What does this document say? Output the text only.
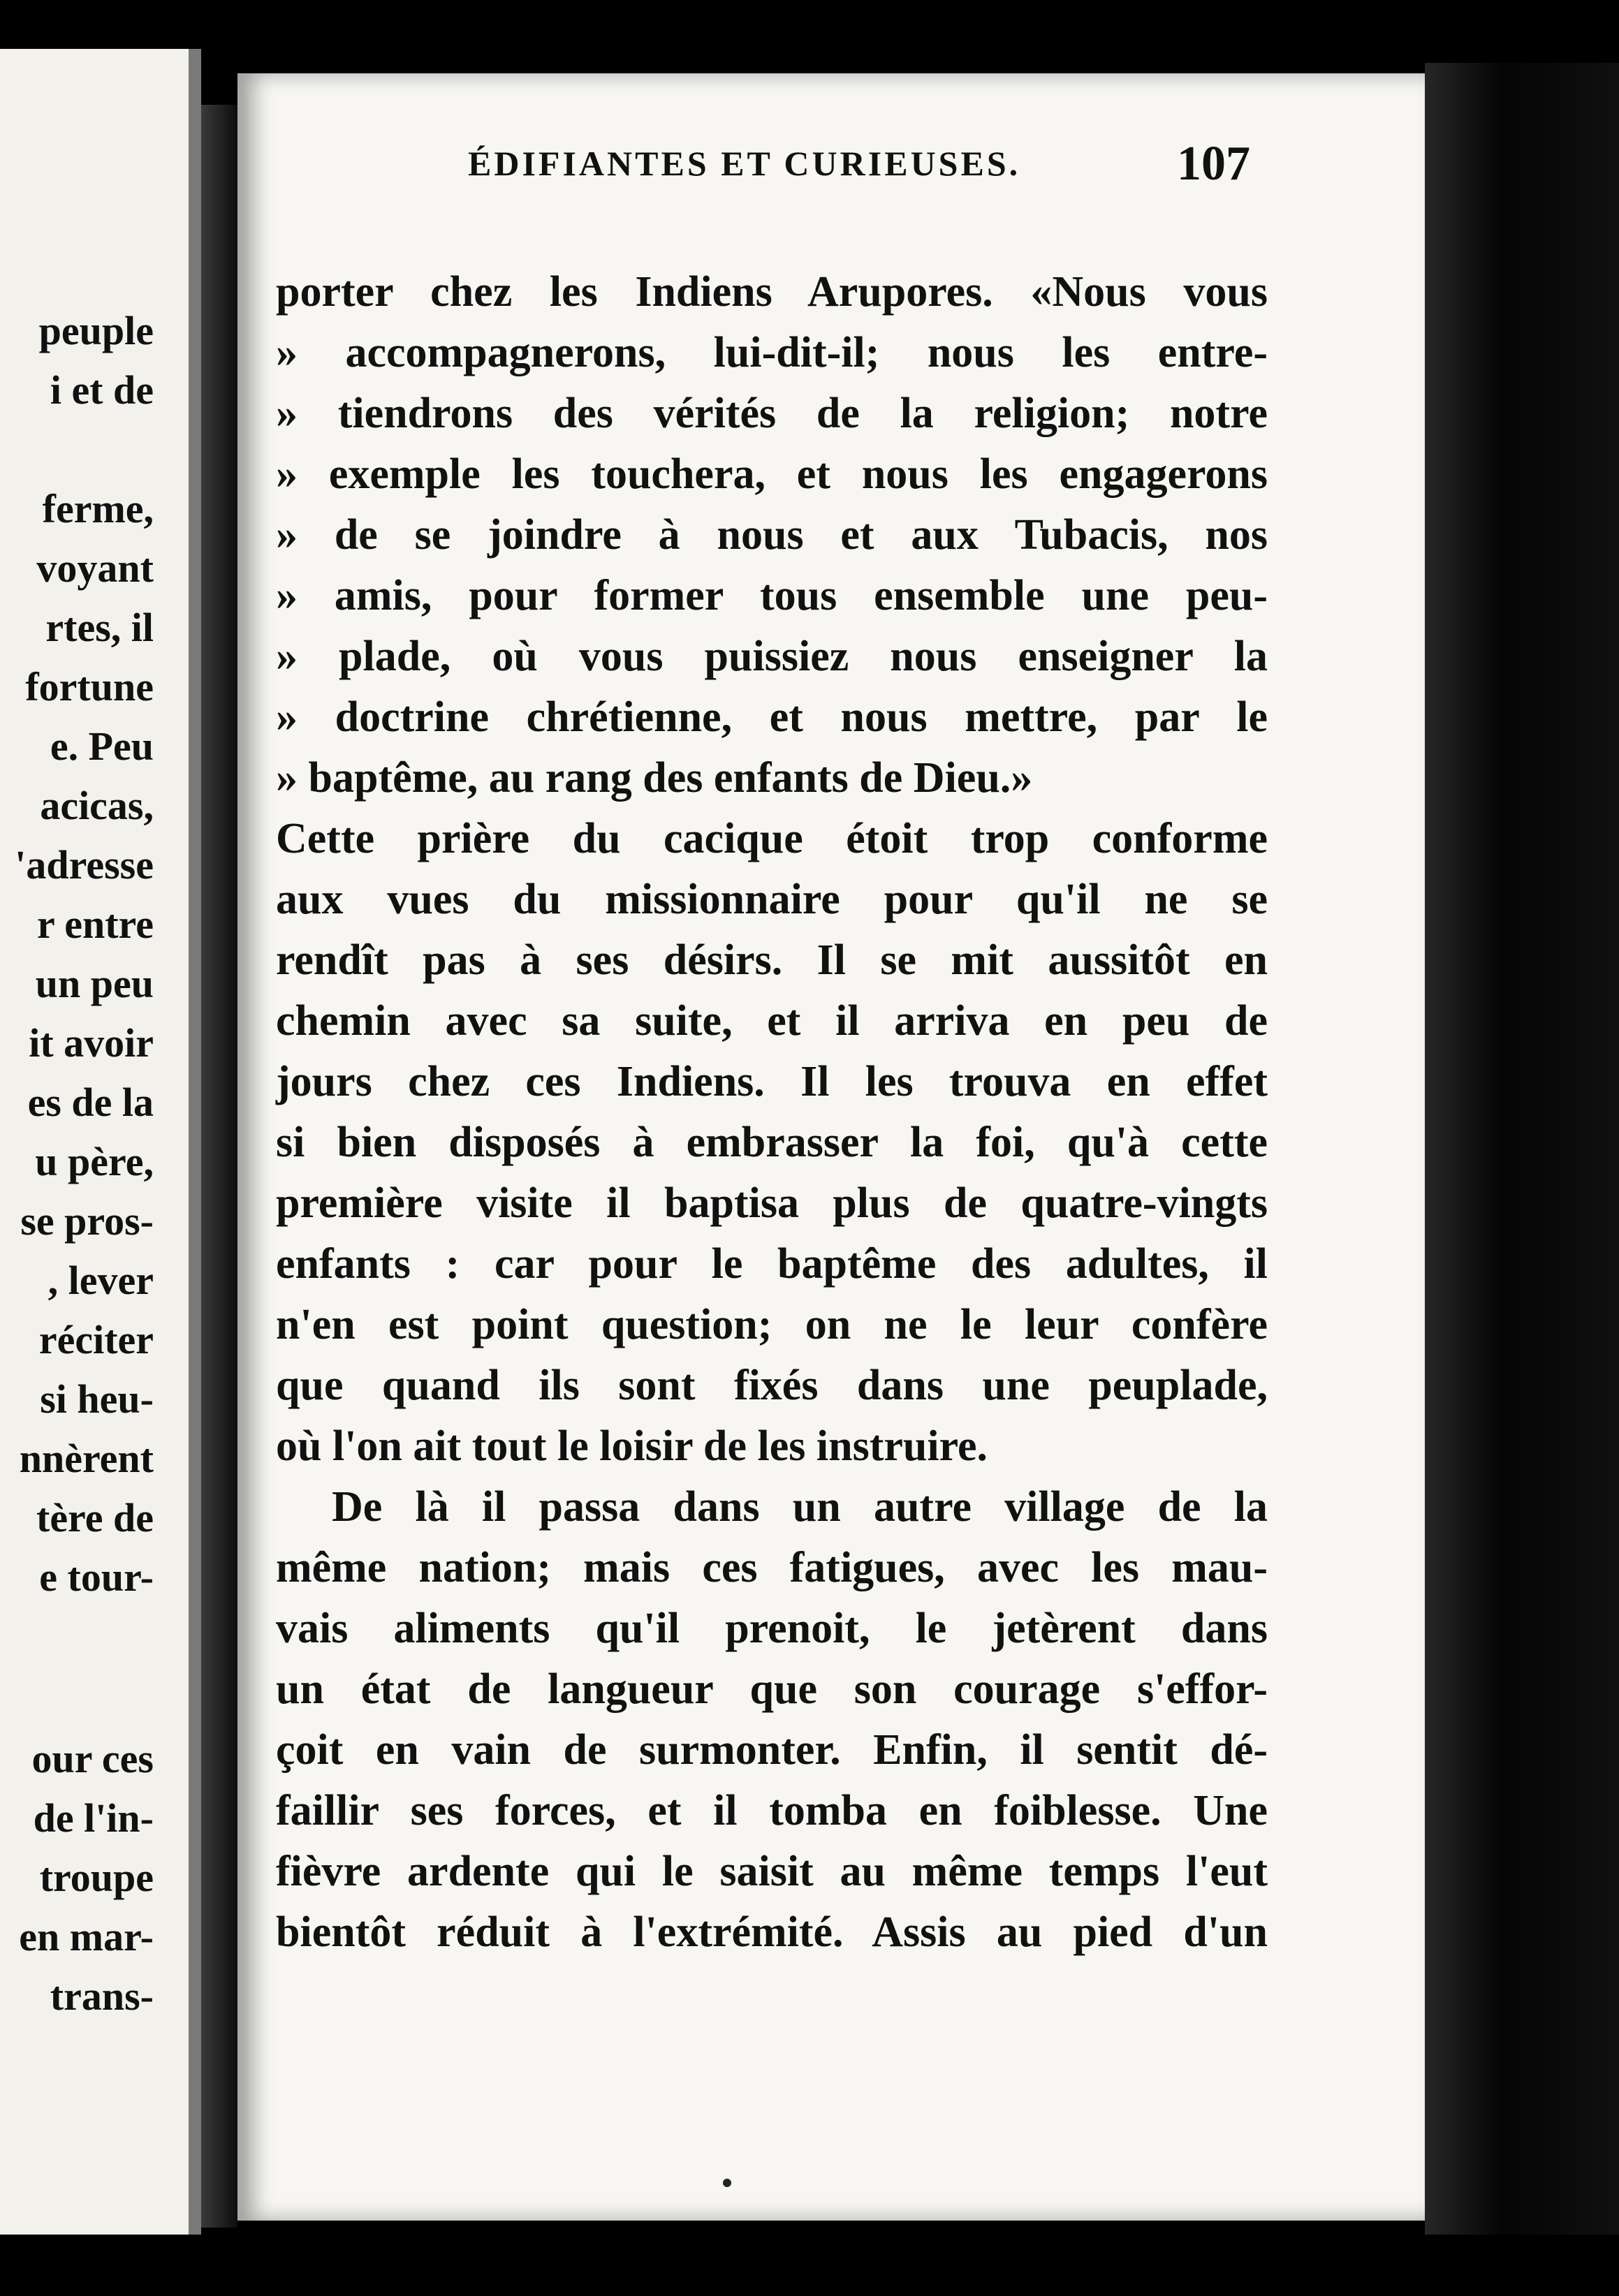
peuple
i et de
ferme,
voyant
rtes, il
fortune
e. Peu
acicas,
'adresse
r entre
un peu
it avoir
es de la
u père,
se pros-
, lever
réciter
si heu-
nnèrent
tère de
e tour-
our ces
de l'in-
troupe
en mar-
trans-
ÉDIFIANTES ET CURIEUSES.	107
porter chez les Indiens Arupores. «Nous vous
» accompagnerons, lui-dit-il; nous les entre-
» tiendrons des vérités de la religion; notre
» exemple les touchera, et nous les engagerons
» de se joindre à nous et aux Tubacis, nos
» amis, pour former tous ensemble une peu-
» plade, où vous puissiez nous enseigner la
» doctrine chrétienne, et nous mettre, par le
» baptême, au rang des enfants de Dieu.»
Cette prière du cacique étoit trop conforme
aux vues du missionnaire pour qu'il ne se
rendît pas à ses désirs. Il se mit aussitôt en
chemin avec sa suite, et il arriva en peu de
jours chez ces Indiens. Il les trouva en effet
si bien disposés à embrasser la foi, qu'à cette
première visite il baptisa plus de quatre-vingts
enfants : car pour le baptême des adultes, il
n'en est point question; on ne le leur confère
que quand ils sont fixés dans une peuplade,
où l'on ait tout le loisir de les instruire.
De là il passa dans un autre village de la
même nation; mais ces fatigues, avec les mau-
vais aliments qu'il prenoit, le jetèrent dans
un état de langueur que son courage s'effor-
çoit en vain de surmonter. Enfin, il sentit dé-
faillir ses forces, et il tomba en foiblesse. Une
fièvre ardente qui le saisit au même temps l'eut
bientôt réduit à l'extrémité. Assis au pied d'un
